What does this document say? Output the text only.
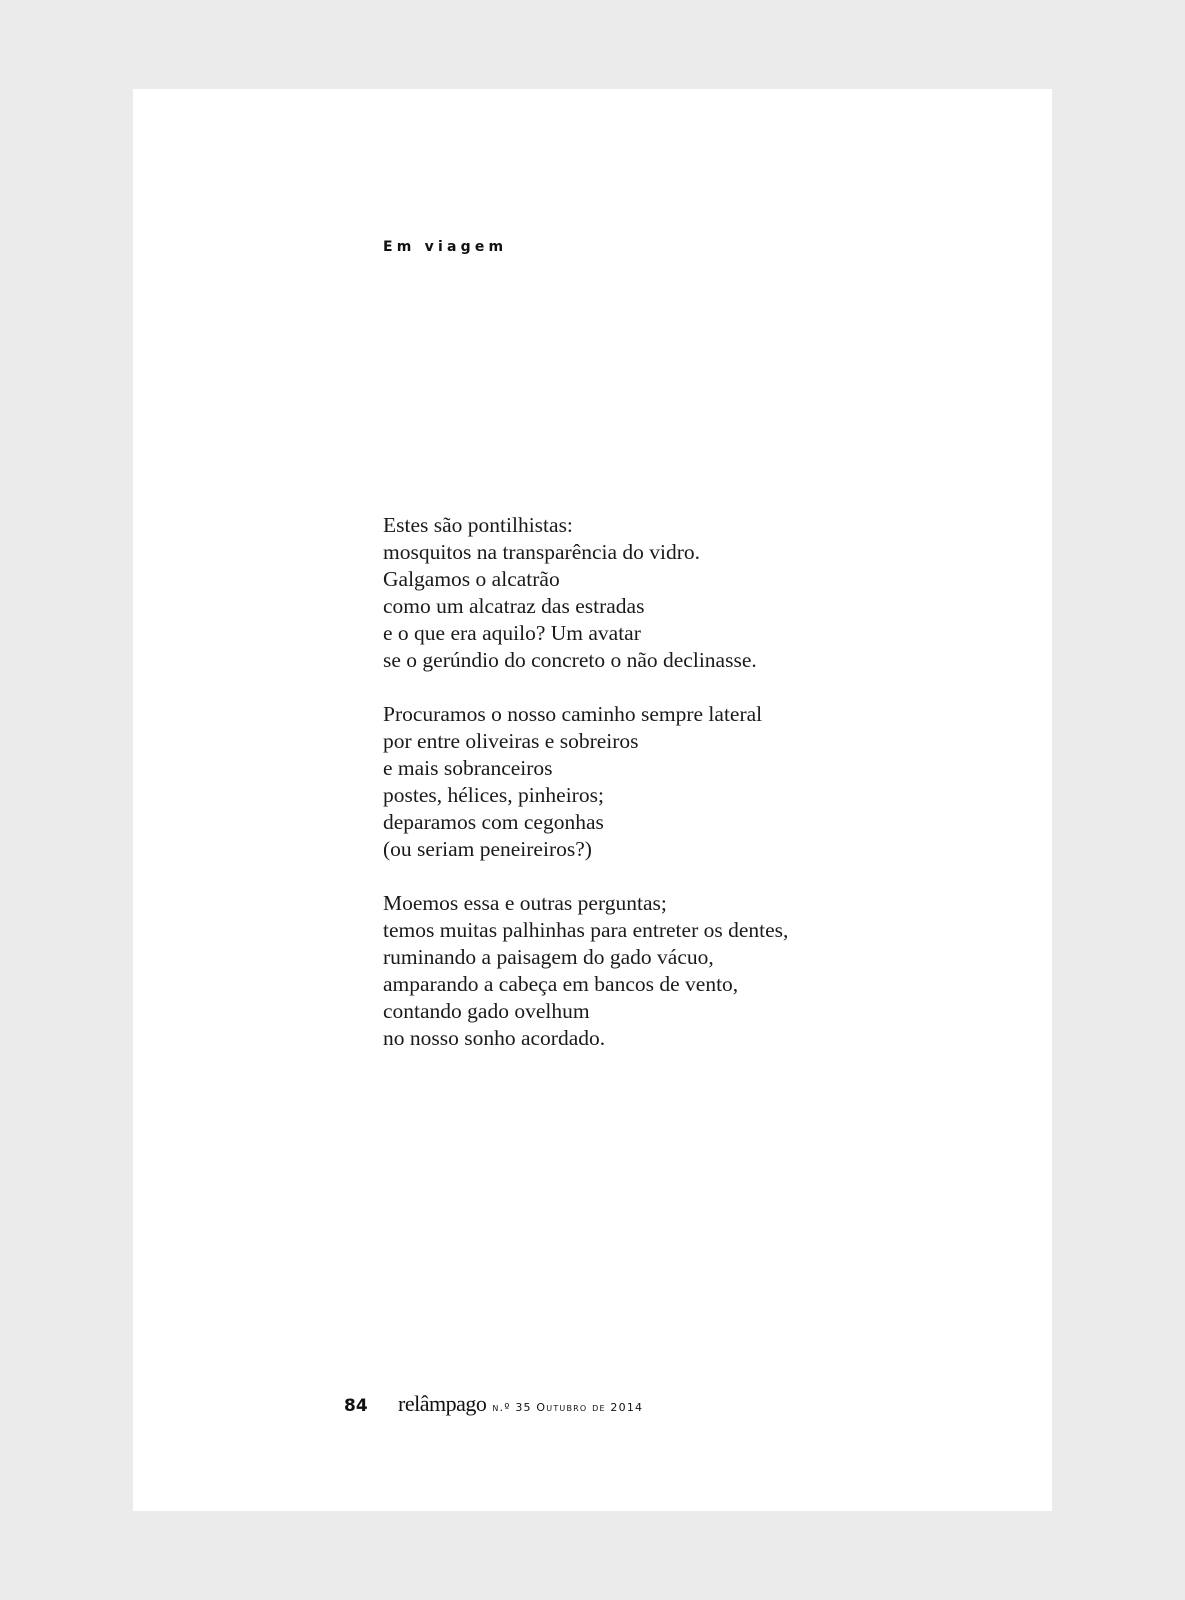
Em viagem

Estes são pontilhistas:
mosquitos na transparência do vidro.
Galgamos o alcatrão
como um alcatraz das estradas
e o que era aquilo? Um avatar
se o gerúndio do concreto o não declinasse.

Procuramos o nosso caminho sempre lateral
por entre oliveiras e sobreiros
e mais sobranceiros
postes, hélices, pinheiros;
deparamos com cegonhas
(ou seriam peneireiros?)

Moemos essa e outras perguntas;
temos muitas palhinhas para entreter os dentes,
ruminando a paisagem do gado vácuo,
amparando a cabeça em bancos de vento,
contando gado ovelhum
no nosso sonho acordado.

84	relâmpago n.º 35 Outubro de 2014
